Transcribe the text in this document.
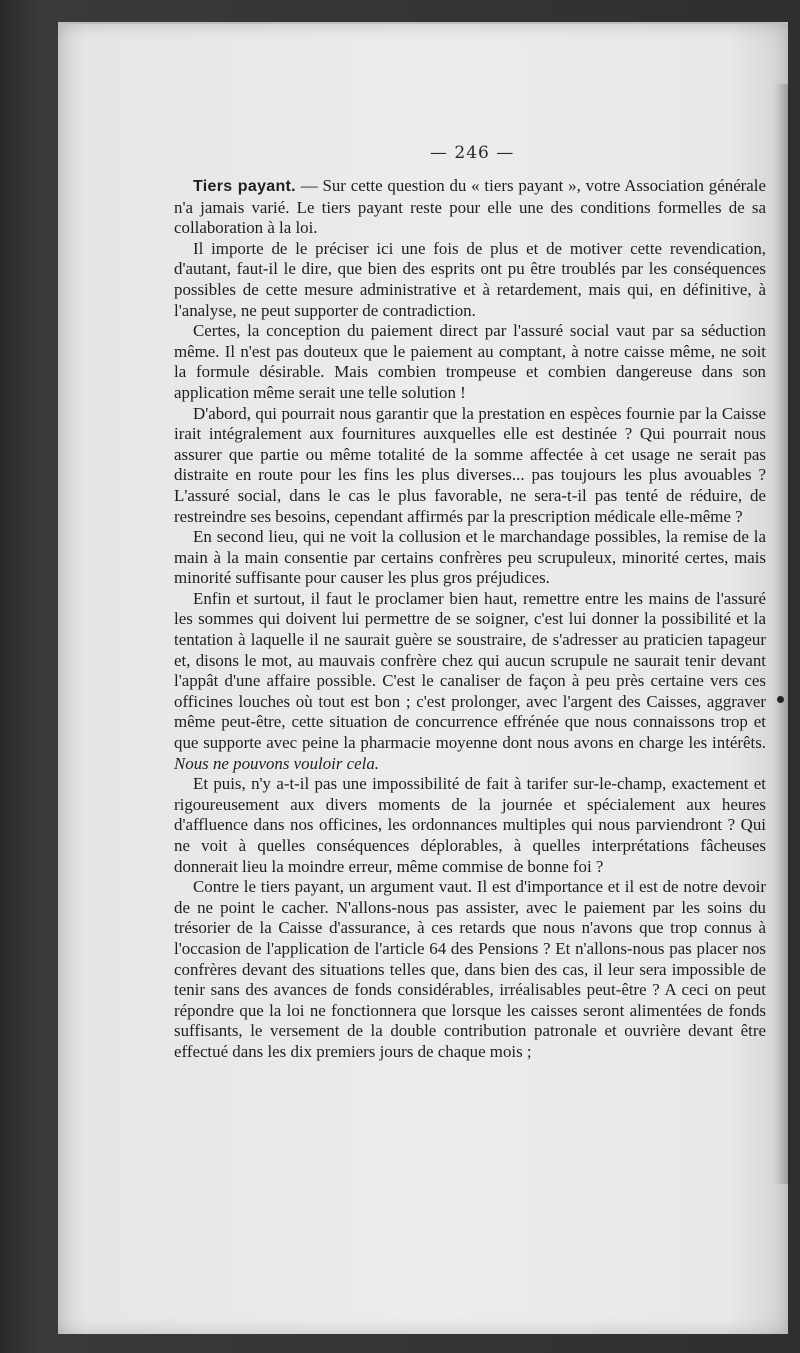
— 246 —

Tiers payant. — Sur cette question du « tiers payant », votre Association générale n'a jamais varié. Le tiers payant reste pour elle une des conditions formelles de sa collaboration à la loi.

Il importe de le préciser ici une fois de plus et de motiver cette revendication, d'autant, faut-il le dire, que bien des esprits ont pu être troublés par les conséquences possibles de cette mesure administrative et à retardement, mais qui, en définitive, à l'analyse, ne peut supporter de contradiction.

Certes, la conception du paiement direct par l'assuré social vaut par sa séduction même. Il n'est pas douteux que le paiement au comptant, à notre caisse même, ne soit la formule désirable. Mais combien trompeuse et combien dangereuse dans son application même serait une telle solution !

D'abord, qui pourrait nous garantir que la prestation en espèces fournie par la Caisse irait intégralement aux fournitures auxquelles elle est destinée ? Qui pourrait nous assurer que partie ou même totalité de la somme affectée à cet usage ne serait pas distraite en route pour les fins les plus diverses... pas toujours les plus avouables ? L'assuré social, dans le cas le plus favorable, ne sera-t-il pas tenté de réduire, de restreindre ses besoins, cependant affirmés par la prescription médicale elle-même ?

En second lieu, qui ne voit la collusion et le marchandage possibles, la remise de la main à la main consentie par certains confrères peu scrupuleux, minorité certes, mais minorité suffisante pour causer les plus gros préjudices.

Enfin et surtout, il faut le proclamer bien haut, remettre entre les mains de l'assuré les sommes qui doivent lui permettre de se soigner, c'est lui donner la possibilité et la tentation à laquelle il ne saurait guère se soustraire, de s'adresser au praticien tapageur et, disons le mot, au mauvais confrère chez qui aucun scrupule ne saurait tenir devant l'appât d'une affaire possible. C'est le canaliser de façon à peu près certaine vers ces officines louches où tout est bon ; c'est prolonger, avec l'argent des Caisses, aggraver même peut-être, cette situation de concurrence effrénée que nous connaissons trop et que supporte avec peine la pharmacie moyenne dont nous avons en charge les intérêts. Nous ne pouvons vouloir cela.

Et puis, n'y a-t-il pas une impossibilité de fait à tarifer sur-le-champ, exactement et rigoureusement aux divers moments de la journée et spécialement aux heures d'affluence dans nos officines, les ordonnances multiples qui nous parviendront ? Qui ne voit à quelles conséquences déplorables, à quelles interprétations fâcheuses donnerait lieu la moindre erreur, même commise de bonne foi ?

Contre le tiers payant, un argument vaut. Il est d'importance et il est de notre devoir de ne point le cacher. N'allons-nous pas assister, avec le paiement par les soins du trésorier de la Caisse d'assurance, à ces retards que nous n'avons que trop connus à l'occasion de l'application de l'article 64 des Pensions ? Et n'allons-nous pas placer nos confrères devant des situations telles que, dans bien des cas, il leur sera impossible de tenir sans des avances de fonds considérables, irréalisables peut-être ? A ceci on peut répondre que la loi ne fonctionnera que lorsque les caisses seront alimentées de fonds suffisants, le versement de la double contribution patronale et ouvrière devant être effectué dans les dix premiers jours de chaque mois ;
